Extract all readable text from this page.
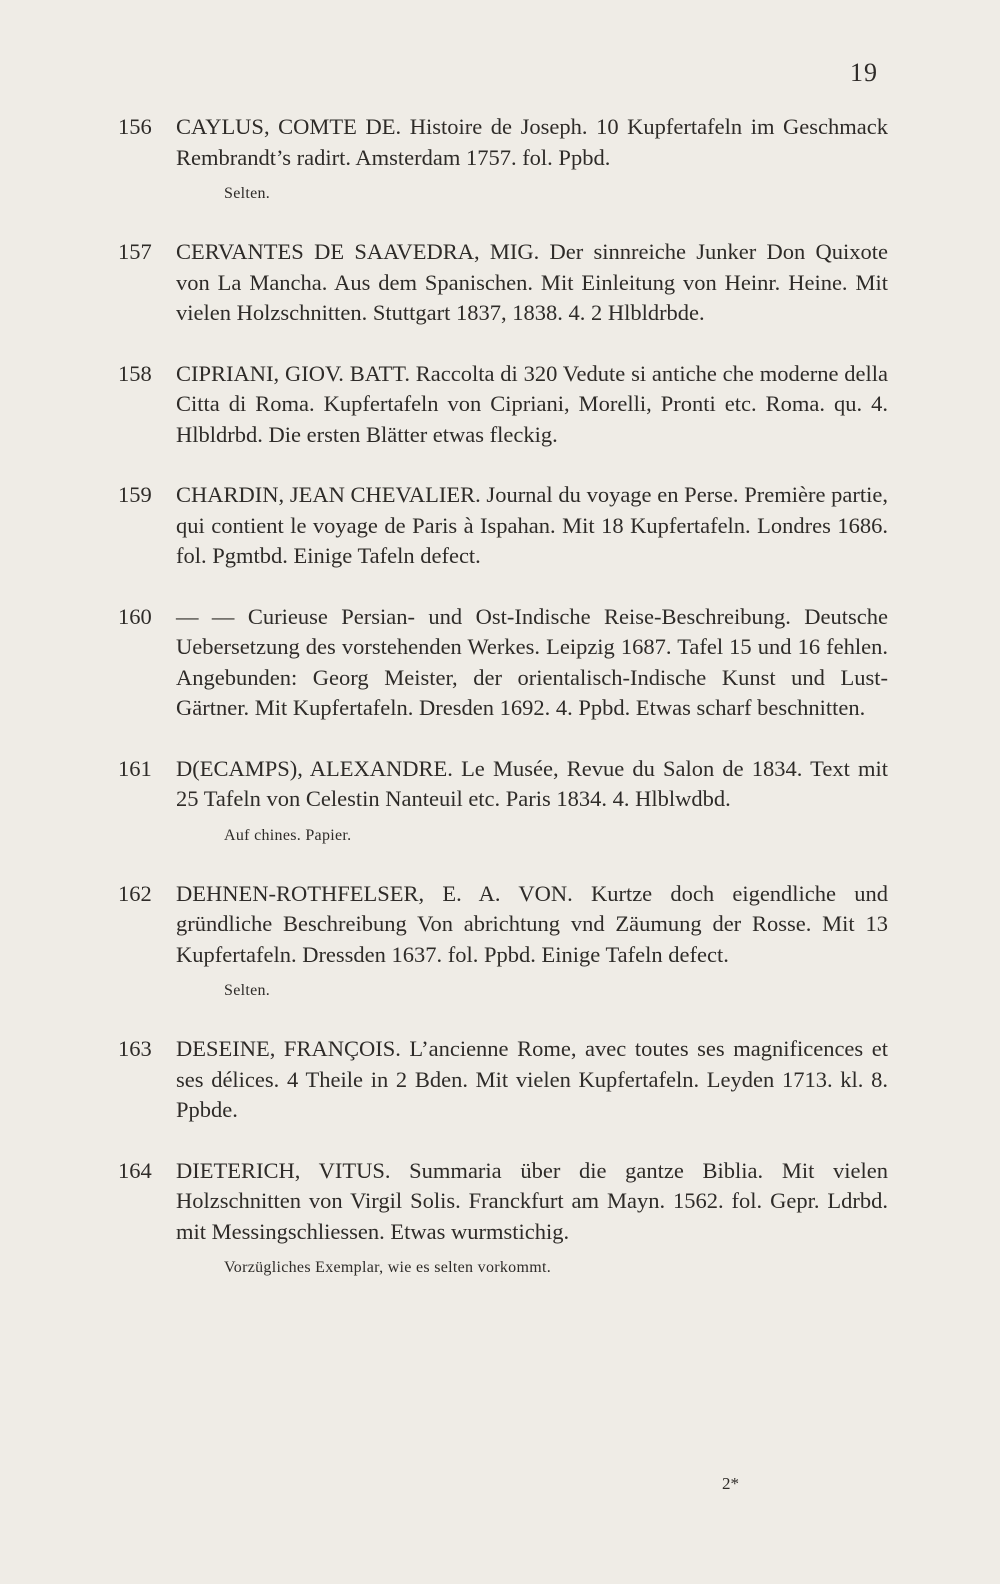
19
156	CAYLUS, COMTE DE. Histoire de Joseph. 10 Kupfertafeln im Geschmack Rembrandt’s radirt. Amsterdam 1757. fol. Ppbd.
Selten.
157	CERVANTES DE SAAVEDRA, MIG. Der sinnreiche Junker Don Quixote von La Mancha. Aus dem Spanischen. Mit Einleitung von Heinr. Heine. Mit vielen Holzschnitten. Stuttgart 1837, 1838. 4. 2 Hlbldrbde.
158	CIPRIANI, GIOV. BATT. Raccolta di 320 Vedute si antiche che moderne della Citta di Roma. Kupfertafeln von Cipriani, Morelli, Pronti etc. Roma. qu. 4. Hlbldrbd. Die ersten Blätter etwas fleckig.
159	CHARDIN, JEAN CHEVALIER. Journal du voyage en Perse. Première partie, qui contient le voyage de Paris à Ispahan. Mit 18 Kupfertafeln. Londres 1686. fol. Pgmtbd. Einige Tafeln defect.
160	— — Curieuse Persian- und Ost-Indische Reise-Beschreibung. Deutsche Uebersetzung des vorstehenden Werkes. Leipzig 1687. Tafel 15 und 16 fehlen. Angebunden: Georg Meister, der orientalisch-Indische Kunst und Lust-Gärtner. Mit Kupfertafeln. Dresden 1692. 4. Ppbd. Etwas scharf beschnitten.
161	D(ECAMPS), ALEXANDRE. Le Musée, Revue du Salon de 1834. Text mit 25 Tafeln von Celestin Nanteuil etc. Paris 1834. 4. Hlblwdbd.
Auf chines. Papier.
162	DEHNEN-ROTHFELSER, E. A. VON. Kurtze doch eigendliche und gründliche Beschreibung Von abrichtung vnd Zäumung der Rosse. Mit 13 Kupfertafeln. Dressden 1637. fol. Ppbd. Einige Tafeln defect.
Selten.
163	DESEINE, FRANÇOIS. L’ancienne Rome, avec toutes ses magnificences et ses délices. 4 Theile in 2 Bden. Mit vielen Kupfertafeln. Leyden 1713. kl. 8. Ppbde.
164	DIETERICH, VITUS. Summaria über die gantze Biblia. Mit vielen Holzschnitten von Virgil Solis. Franckfurt am Mayn. 1562. fol. Gepr. Ldrbd. mit Messingschliessen. Etwas wurmstichig.
Vorzügliches Exemplar, wie es selten vorkommt.
2*
